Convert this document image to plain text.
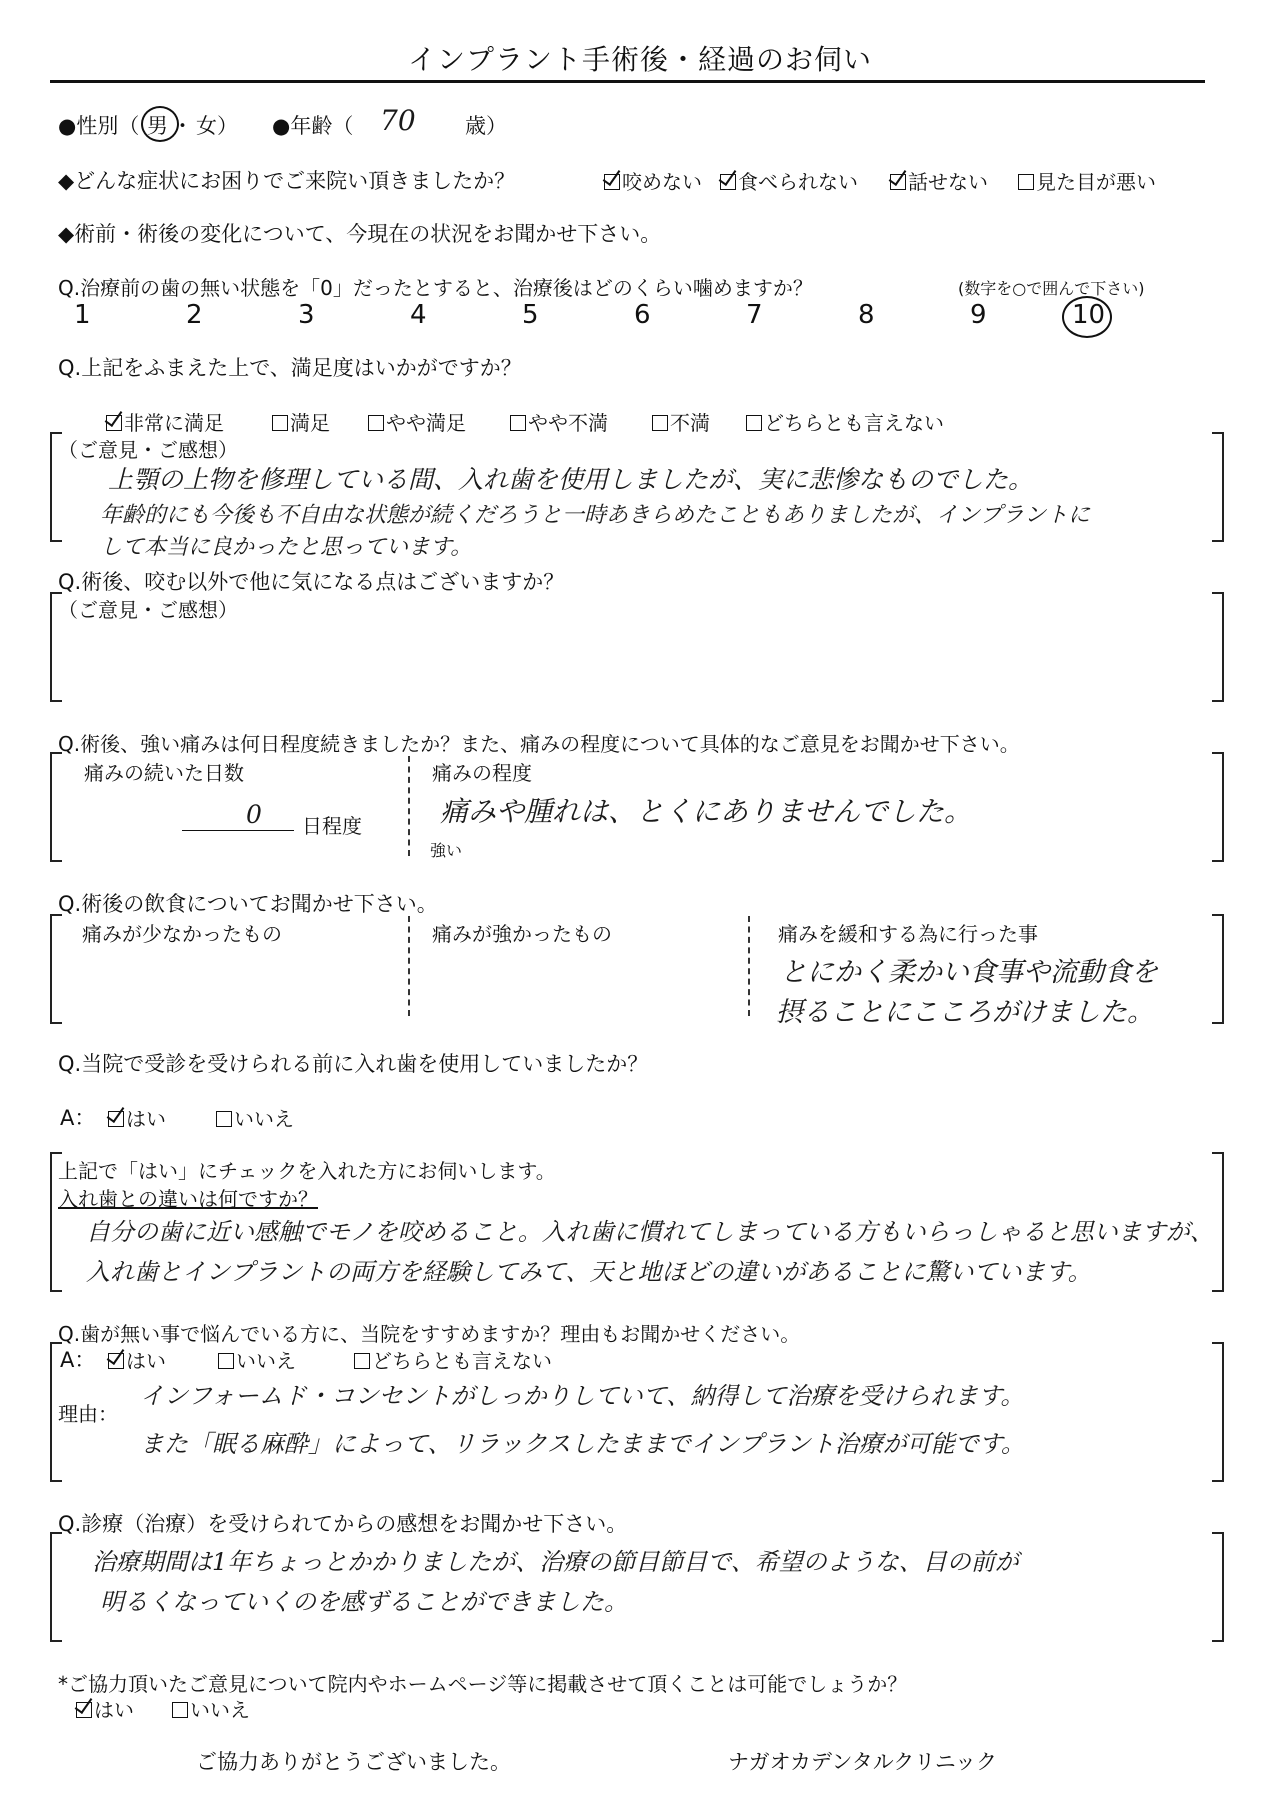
インプラント手術後・経過のお伺い
●性別（ 男 ・ 女） ●年齢（ 70 歳）
◆どんな症状にお困りでご来院い頂きましたか？	咬めない	食べられない	話せない	見た目が悪い
◆術前・術後の変化について、今現在の状況をお聞かせ下さい。
Q.治療前の歯の無い状態を「0」だったとすると、治療後はどのくらい噛めますか？	(数字を○で囲んで下さい)
1	2	3	4	5	6	7	8	9	10
Q.上記をふまえた上で、満足度はいかがですか？
非常に満足	満足	やや満足	やや不満	不満	どちらとも言えない
（ご意見・ご感想）
上顎の上物を修理している間、入れ歯を使用しましたが、実に悲惨なものでした。
年齢的にも今後も不自由な状態が続くだろうと一時あきらめたこともありましたが、インプラントに
して本当に良かったと思っています。
Q.術後、咬む以外で他に気になる点はございますか？
（ご意見・ご感想）
Q.術後、強い痛みは何日程度続きましたか？また、痛みの程度について具体的なご意見をお聞かせ下さい。
痛みの続いた日数
0 日程度
痛みの程度
強い
痛みや腫れは、とくにありませんでした。
Q.術後の飲食についてお聞かせ下さい。
痛みが少なかったもの	痛みが強かったもの	痛みを緩和する為に行った事
とにかく柔かい食事や流動食を
摂ることにこころがけました。
Q.当院で受診を受けられる前に入れ歯を使用していましたか？
A：	はい	いいえ
上記で「はい」にチェックを入れた方にお伺いします。
入れ歯との違いは何ですか？
自分の歯に近い感触でモノを咬めること。入れ歯に慣れてしまっている方もいらっしゃると思いますが、
入れ歯とインプラントの両方を経験してみて、天と地ほどの違いがあることに驚いています。
Q.歯が無い事で悩んでいる方に、当院をすすめますか？理由もお聞かせください。
A：	はい	いいえ	どちらとも言えない
理由：
インフォームド・コンセントがしっかりしていて、納得して治療を受けられます。
また「眠る麻酔」によって、リラックスしたままでインプラント治療が可能です。
Q.診療（治療）を受けられてからの感想をお聞かせ下さい。
治療期間は1年ちょっとかかりましたが、治療の節目節目で、希望のような、目の前が
明るくなっていくのを感ずることができました。
*ご協力頂いたご意見について院内やホームページ等に掲載させて頂くことは可能でしょうか？
はい	いいえ
ご協力ありがとうございました。	ナガオカデンタルクリニック
